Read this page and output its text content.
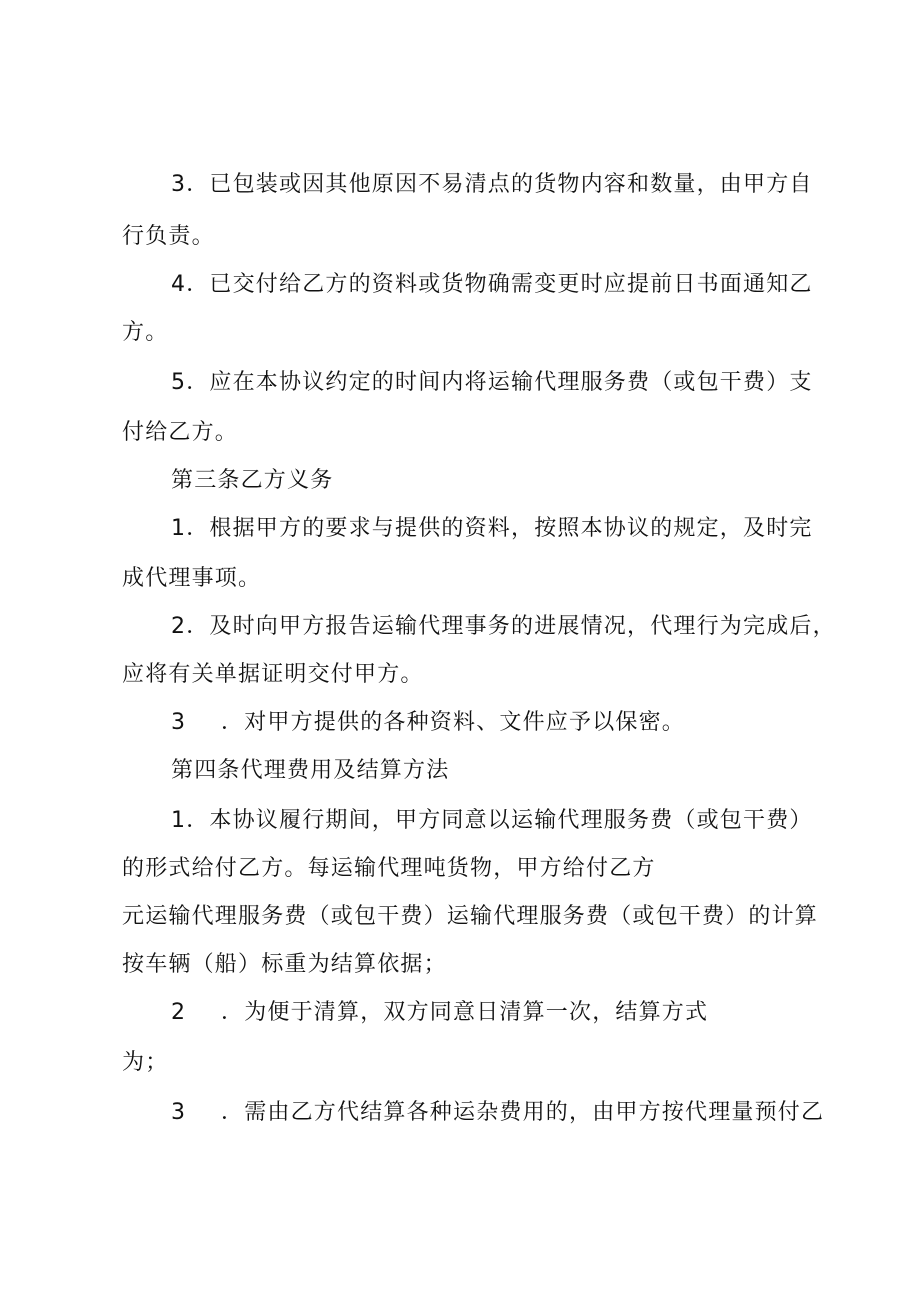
3．已包装或因其他原因不易清点的货物内容和数量，由甲方自
行负责。
4．已交付给乙方的资料或货物确需变更时应提前日书面通知乙
方。
5．应在本协议约定的时间内将运输代理服务费（或包干费）支
付给乙方。
第三条乙方义务
1．根据甲方的要求与提供的资料，按照本协议的规定，及时完
成代理事项。
2．及时向甲方报告运输代理事务的进展情况，代理行为完成后，
应将有关单据证明交付甲方。
3 ．对甲方提供的各种资料、文件应予以保密。
第四条代理费用及结算方法
1．本协议履行期间，甲方同意以运输代理服务费（或包干费）
的形式给付乙方。每运输代理吨货物，甲方给付乙方
元运输代理服务费（或包干费）运输代理服务费（或包干费）的计算
按车辆（船）标重为结算依据；
2 ．为便于清算，双方同意日清算一次，结算方式
为；
3 ．需由乙方代结算各种运杂费用的，由甲方按代理量预付乙
